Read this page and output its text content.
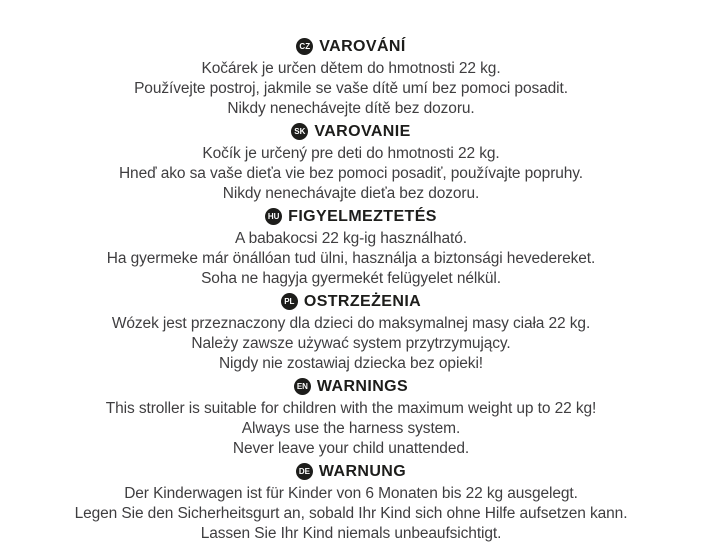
CZ VAROVÁNÍ
Kočárek je určen dětem do hmotnosti 22 kg.
Používejte postroj, jakmile se vaše dítě umí bez pomoci posadit.
Nikdy nenechávejte dítě bez dozoru.
SK VAROVANIE
Kočík je určený pre deti do hmotnosti 22 kg.
Hneď ako sa vaše dieťa vie bez pomoci posadiť, používajte popruhy.
Nikdy nenechávajte dieťa bez dozoru.
HU FIGYELMEZTETÉS
A babakocsi 22 kg-ig használható.
Ha gyermeke már önállóan tud ülni, használja a biztonsági hevedereket.
Soha ne hagyja gyermekét felügyelet nélkül.
PL OSTRZEŻENIA
Wózek jest przeznaczony dla dzieci do maksymalnej masy ciała 22 kg.
Należy zawsze używać system przytrzymujący.
Nigdy nie zostawiaj dziecka bez opieki!
EN WARNINGS
This stroller is suitable for children with the maximum weight up to 22 kg!
Always use the harness system.
Never leave your child unattended.
DE WARNUNG
Der Kinderwagen ist für Kinder von 6 Monaten bis 22 kg ausgelegt.
Legen Sie den Sicherheitsgurt an, sobald Ihr Kind sich ohne Hilfe aufsetzen kann.
Lassen Sie Ihr Kind niemals unbeaufsichtigt.
